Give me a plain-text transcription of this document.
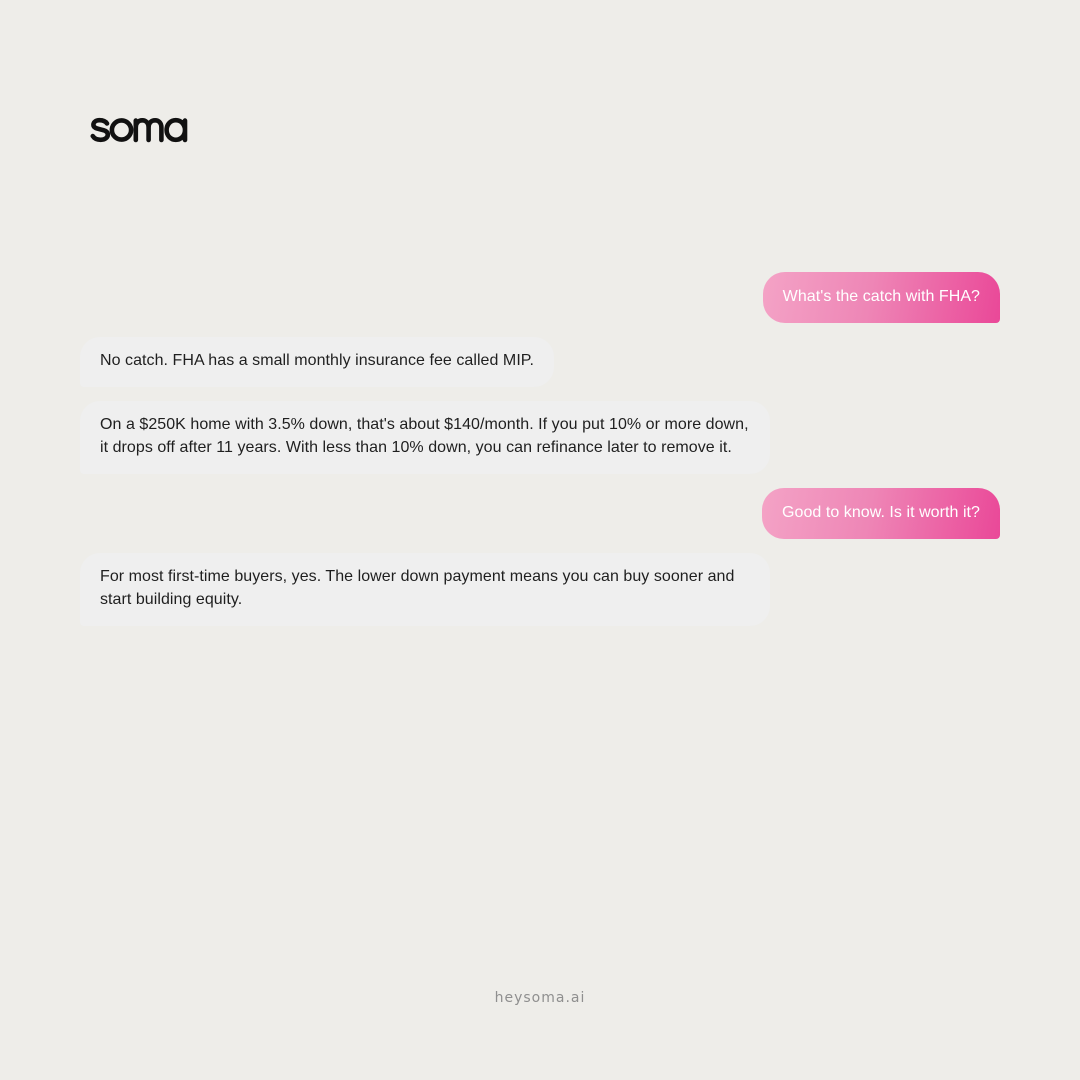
What's the catch with FHA?
No catch. FHA has a small monthly insurance fee called MIP.
On a $250K home with 3.5% down, that's about $140/month. If you put 10% or more down, it drops off after 11 years. With less than 10% down, you can refinance later to remove it.
Good to know. Is it worth it?
For most first-time buyers, yes. The lower down payment means you can buy sooner and start building equity.
heysoma.ai
